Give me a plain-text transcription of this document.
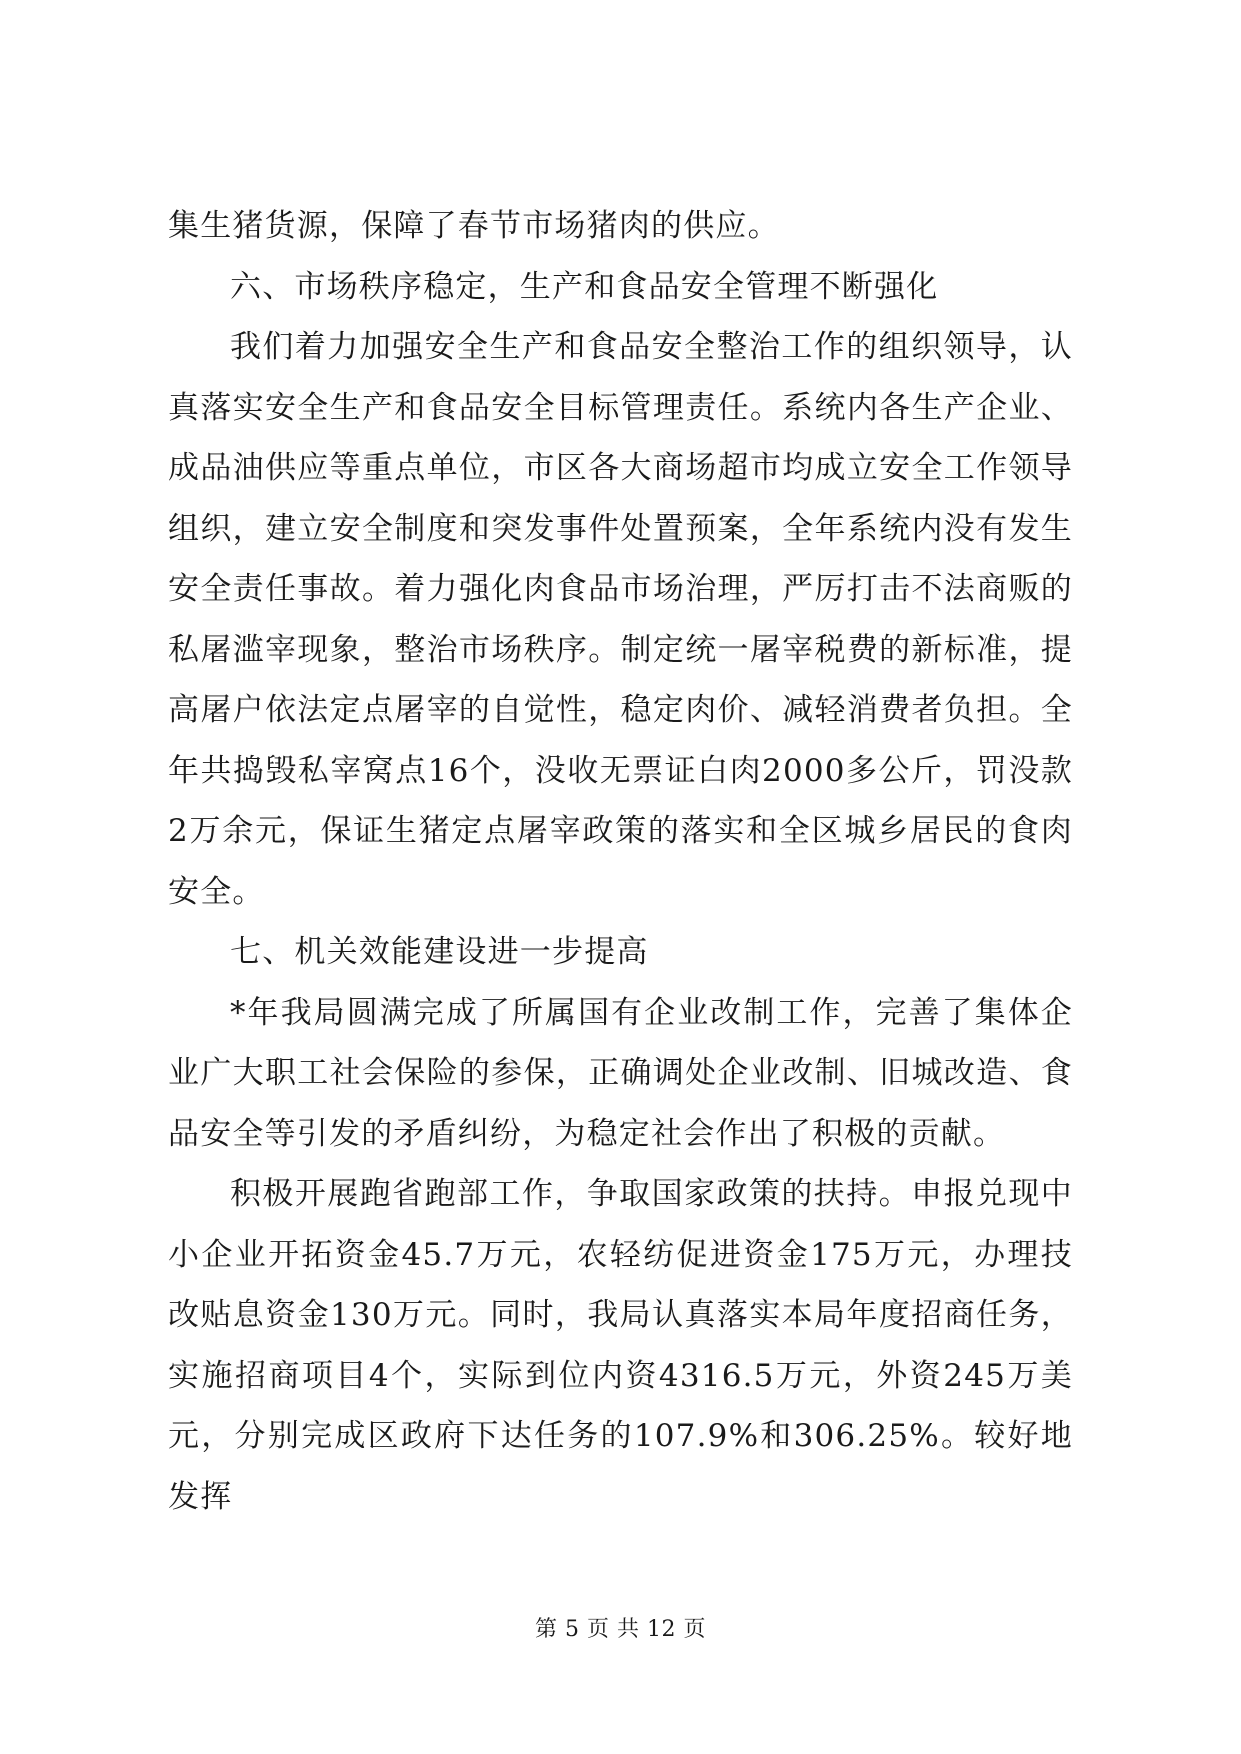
集生猪货源，保障了春节市场猪肉的供应。

六、市场秩序稳定，生产和食品安全管理不断强化

我们着力加强安全生产和食品安全整治工作的组织领导，认真落实安全生产和食品安全目标管理责任。系统内各生产企业、成品油供应等重点单位，市区各大商场超市均成立安全工作领导组织，建立安全制度和突发事件处置预案，全年系统内没有发生安全责任事故。着力强化肉食品市场治理，严厉打击不法商贩的私屠滥宰现象，整治市场秩序。制定统一屠宰税费的新标准，提高屠户依法定点屠宰的自觉性，稳定肉价、减轻消费者负担。全年共捣毁私宰窝点16个，没收无票证白肉2000多公斤，罚没款2万余元，保证生猪定点屠宰政策的落实和全区城乡居民的食肉安全。

七、机关效能建设进一步提高

*年我局圆满完成了所属国有企业改制工作，完善了集体企业广大职工社会保险的参保，正确调处企业改制、旧城改造、食品安全等引发的矛盾纠纷，为稳定社会作出了积极的贡献。

积极开展跑省跑部工作，争取国家政策的扶持。申报兑现中小企业开拓资金45.7万元，农轻纺促进资金175万元，办理技改贴息资金130万元。同时，我局认真落实本局年度招商任务，实施招商项目4个，实际到位内资4316.5万元，外资245万美元，分别完成区政府下达任务的107.9%和306.25%。较好地发挥

第 5 页 共 12 页
